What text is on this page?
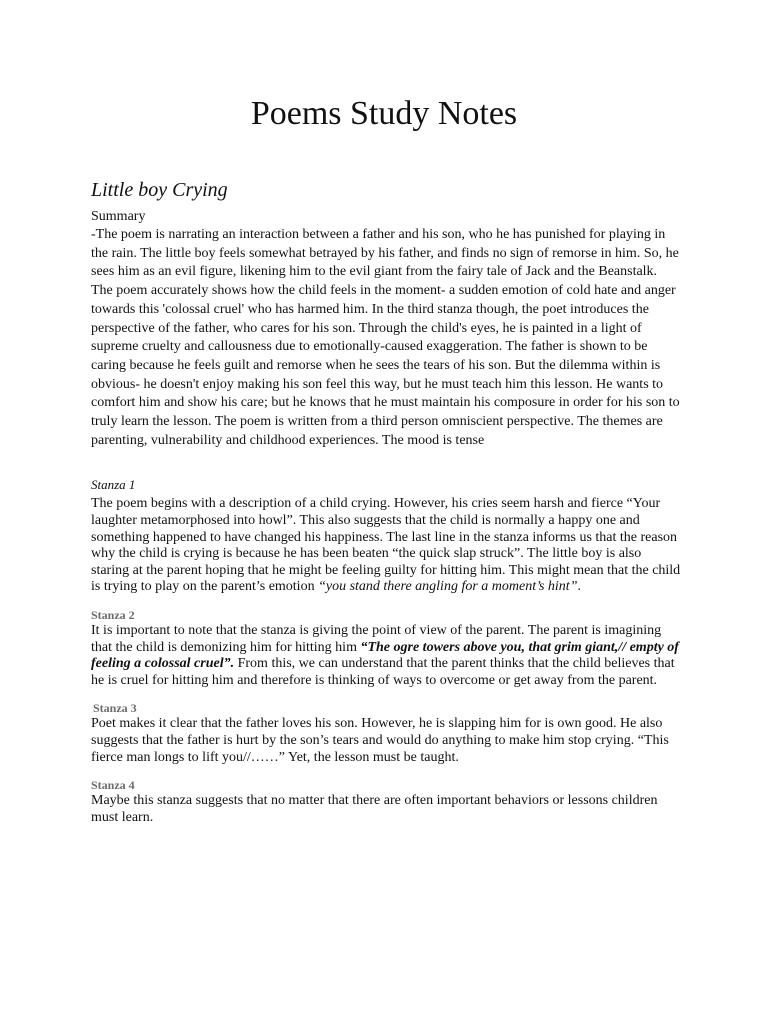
Poems Study Notes
Little boy Crying
Summary

-The poem is narrating an interaction between a father and his son, who he has punished for playing in the rain. The little boy feels somewhat betrayed by his father, and finds no sign of remorse in him. So, he sees him as an evil figure, likening him to the evil giant from the fairy tale of Jack and the Beanstalk. The poem accurately shows how the child feels in the moment- a sudden emotion of cold hate and anger towards this 'colossal cruel' who has harmed him. In the third stanza though, the poet introduces the perspective of the father, who cares for his son. Through the child's eyes, he is painted in a light of supreme cruelty and callousness due to emotionally-caused exaggeration. The father is shown to be caring because he feels guilt and remorse when he sees the tears of his son. But the dilemma within is obvious- he doesn't enjoy making his son feel this way, but he must teach him this lesson. He wants to comfort him and show his care; but he knows that he must maintain his composure in order for his son to truly learn the lesson. The poem is written from a third person omniscient perspective. The themes are parenting, vulnerability and childhood experiences. The mood is tense

Stanza 1

The poem begins with a description of a child crying. However, his cries seem harsh and fierce “Your laughter metamorphosed into howl”. This also suggests that the child is normally a happy one and something happened to have changed his happiness. The last line in the stanza informs us that the reason why the child is crying is because he has been beaten “the quick slap struck”. The little boy is also staring at the parent hoping that he might be feeling guilty for hitting him. This might mean that the child is trying to play on the parent’s emotion “you stand there angling for a moment’s hint”.

Stanza 2

It is important to note that the stanza is giving the point of view of the parent. The parent is imagining that the child is demonizing him for hitting him “The ogre towers above you, that grim giant,// empty of feeling a colossal cruel”. From this, we can understand that the parent thinks that the child believes that he is cruel for hitting him and therefore is thinking of ways to overcome or get away from the parent.

Stanza 3

Poet makes it clear that the father loves his son. However, he is slapping him for is own good. He also suggests that the father is hurt by the son’s tears and would do anything to make him stop crying. “This fierce man longs to lift you//……” Yet, the lesson must be taught.

Stanza 4

Maybe this stanza suggests that no matter that there are often important behaviors or lessons children must learn.
